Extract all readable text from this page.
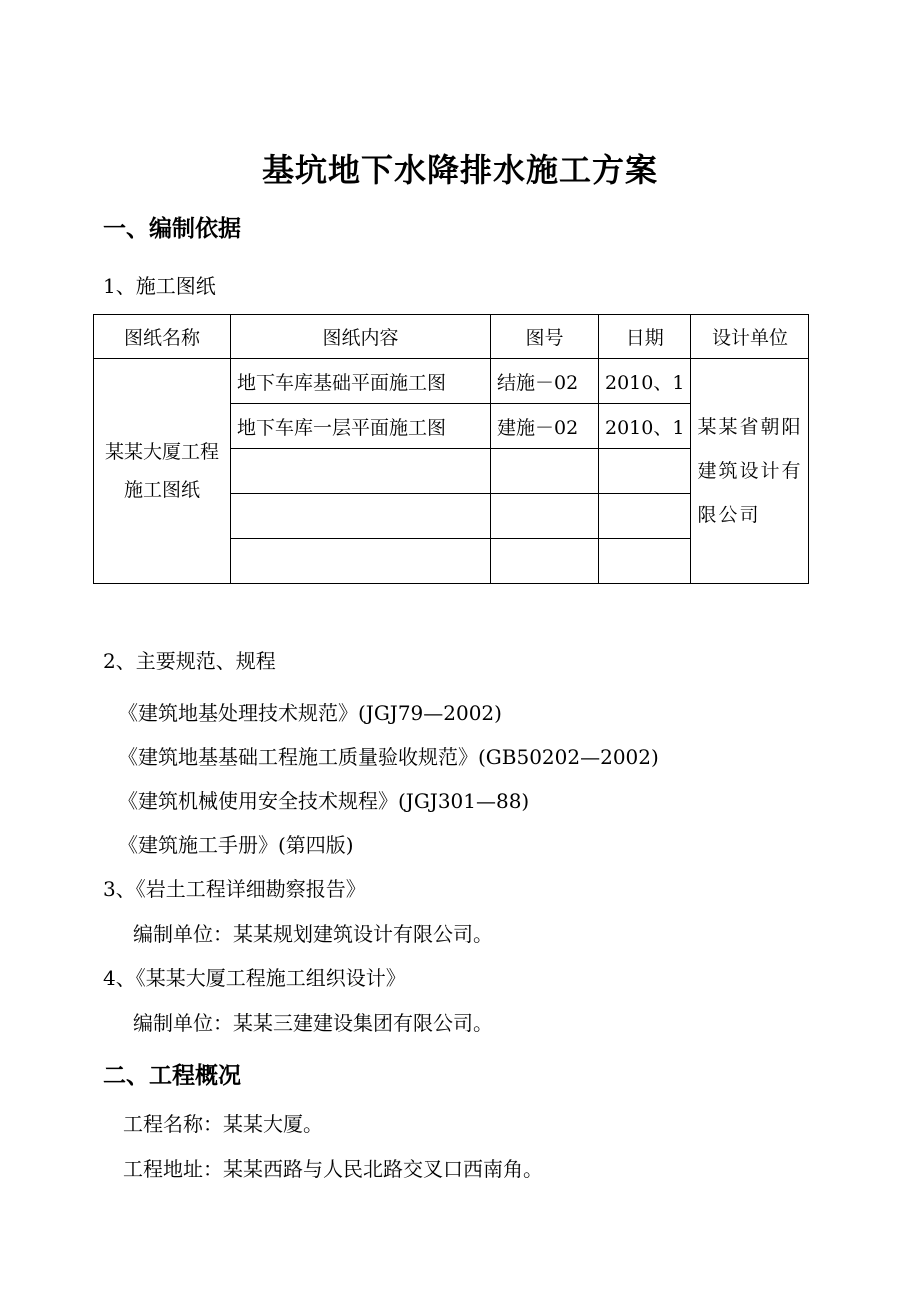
基坑地下水降排水施工方案
一、编制依据
1、施工图纸
图纸名称	图纸内容	图号	日期	设计单位
某某大厦工程施工图纸	地下车库基础平面施工图	结施－02	2010、1	某某省朝阳建筑设计有限公司
	地下车库一层平面施工图	建施－02	2010、1	

2、主要规范、规程
《建筑地基处理技术规范》(JGJ79—2002)
《建筑地基基础工程施工质量验收规范》(GB50202—2002)
《建筑机械使用安全技术规程》(JGJ301—88)
《建筑施工手册》(第四版)
3、《岩土工程详细勘察报告》
编制单位：某某规划建筑设计有限公司。
4、《某某大厦工程施工组织设计》
编制单位：某某三建建设集团有限公司。
二、工程概况
工程名称：某某大厦。
工程地址：某某西路与人民北路交叉口西南角。
